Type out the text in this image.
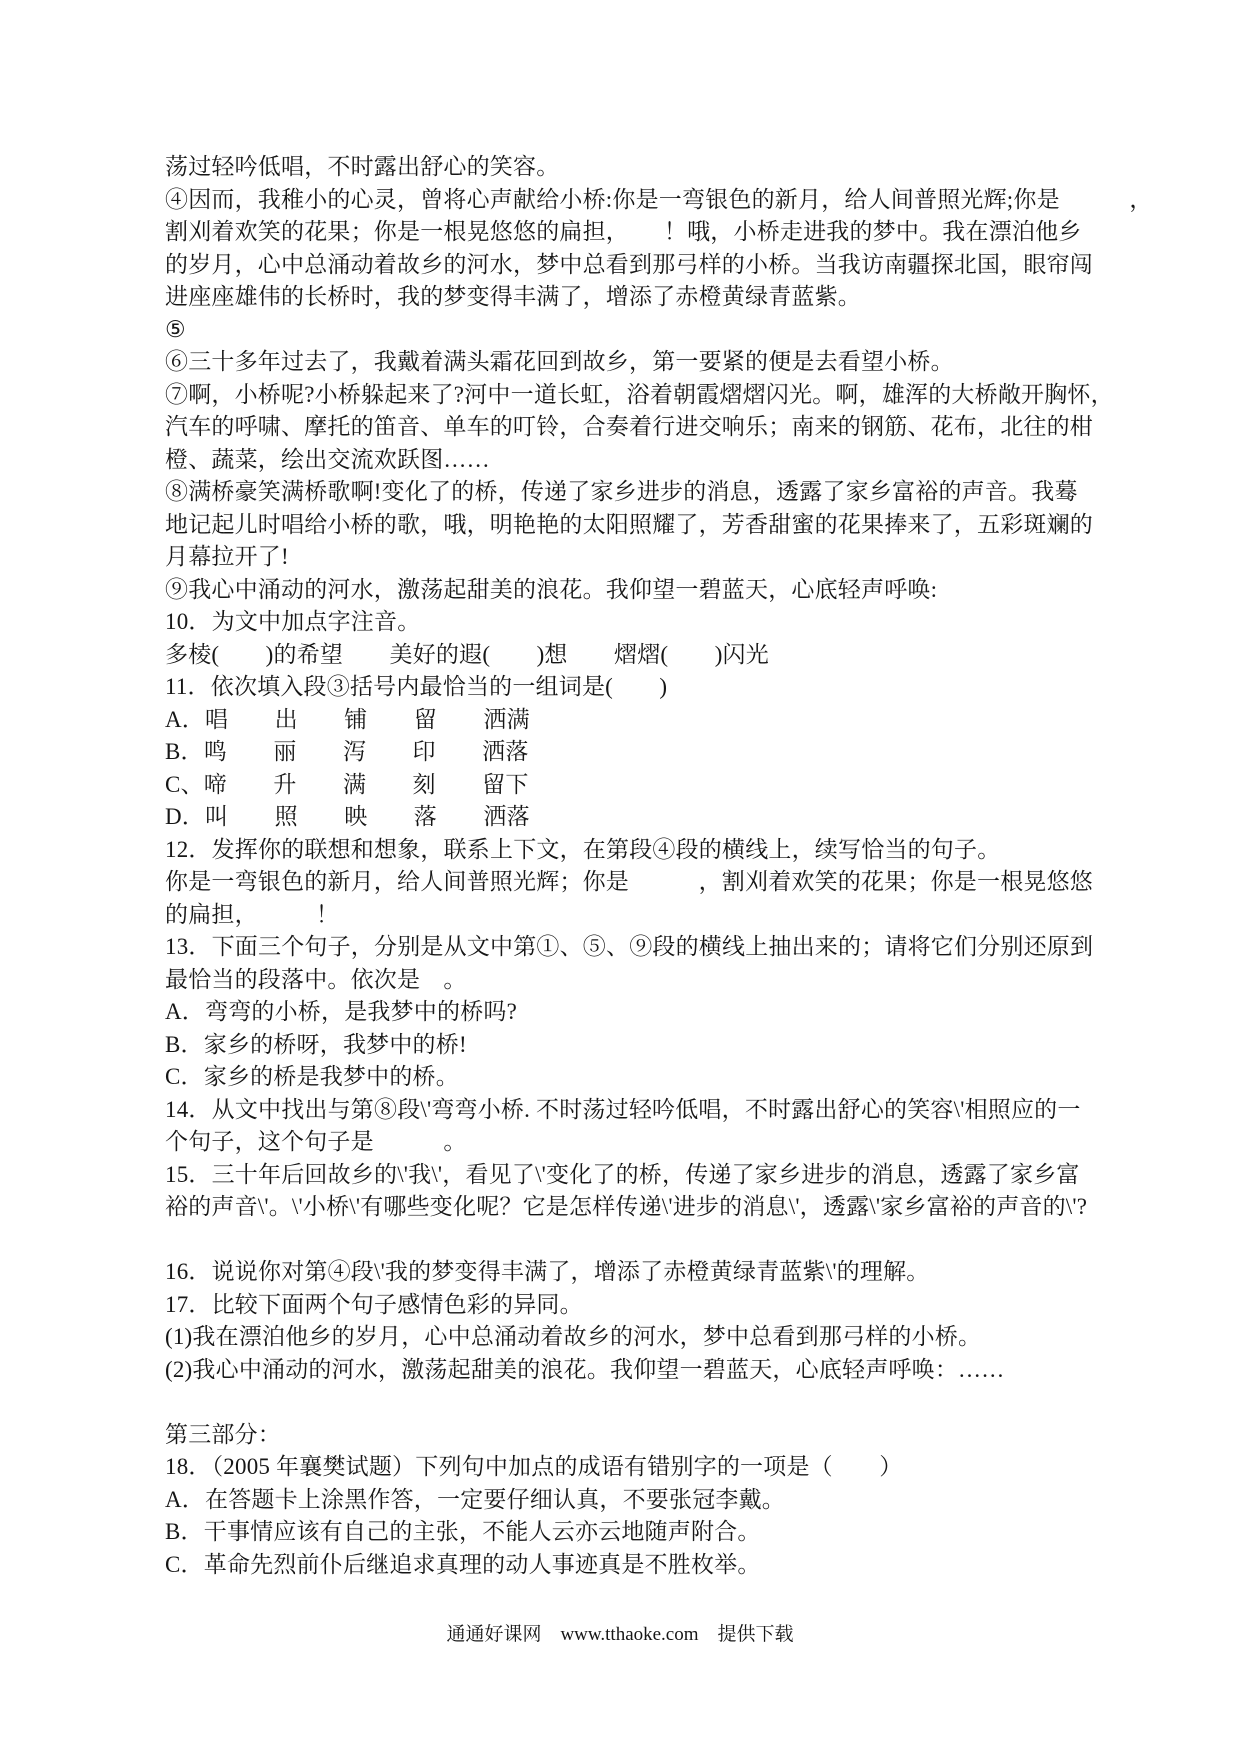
荡过轻吟低唱，不时露出舒心的笑容。

④因而，我稚小的心灵，曾将心声献给小桥:你是一弯银色的新月，给人间普照光辉;你是　　　，

割刈着欢笑的花果；你是一根晃悠悠的扁担，　　！哦，小桥走进我的梦中。我在漂泊他乡

的岁月，心中总涌动着故乡的河水，梦中总看到那弓样的小桥。当我访南疆探北国，眼帘闯

进座座雄伟的长桥时，我的梦变得丰满了，增添了赤橙黄绿青蓝紫。

⑤

⑥三十多年过去了，我戴着满头霜花回到故乡，第一要紧的便是去看望小桥。

⑦啊，小桥呢?小桥躲起来了?河中一道长虹，浴着朝霞熠熠闪光。啊，雄浑的大桥敞开胸怀，

汽车的呼啸、摩托的笛音、单车的叮铃，合奏着行进交响乐；南来的钢筋、花布，北往的柑

橙、蔬菜，绘出交流欢跃图……

⑧满桥豪笑满桥歌啊!变化了的桥，传递了家乡进步的消息，透露了家乡富裕的声音。我蓦

地记起儿时唱给小桥的歌，哦，明艳艳的太阳照耀了，芳香甜蜜的花果捧来了，五彩斑斓的

月幕拉开了!

⑨我心中涌动的河水，激荡起甜美的浪花。我仰望一碧蓝天，心底轻声呼唤:

10．为文中加点字注音。

多棱(　　)的希望　　美好的遐(　　)想　　熠熠(　　)闪光

11．依次填入段③括号内最恰当的一组词是(　　)

A．唱　　出　　铺　　留　　洒满

B．鸣　　丽　　泻　　印　　洒落

C、啼　　升　　满　　刻　　留下

D．叫　　照　　映　　落　　洒落

12．发挥你的联想和想象，联系上下文，在第段④段的横线上，续写恰当的句子。

你是一弯银色的新月，给人间普照光辉；你是　　　，割刈着欢笑的花果；你是一根晃悠悠

的扁担，　　　！

13．下面三个句子，分别是从文中第①、⑤、⑨段的横线上抽出来的；请将它们分别还原到

最恰当的段落中。依次是　。

A．弯弯的小桥，是我梦中的桥吗?

B．家乡的桥呀，我梦中的桥!

C．家乡的桥是我梦中的桥。

14．从文中找出与第⑧段\'弯弯小桥. 不时荡过轻吟低唱，不时露出舒心的笑容\'相照应的一

个句子，这个句子是　　　。

15．三十年后回故乡的\'我\'，看见了\'变化了的桥，传递了家乡进步的消息，透露了家乡富

裕的声音\'。\'小桥\'有哪些变化呢？它是怎样传递\'进步的消息\'，透露\'家乡富裕的声音的\'?

16．说说你对第④段\'我的梦变得丰满了，增添了赤橙黄绿青蓝紫\'的理解。

17．比较下面两个句子感情色彩的异同。

(1)我在漂泊他乡的岁月，心中总涌动着故乡的河水，梦中总看到那弓样的小桥。

(2)我心中涌动的河水，激荡起甜美的浪花。我仰望一碧蓝天，心底轻声呼唤：……

第三部分：

18．（2005 年襄樊试题）下列句中加点的成语有错别字的一项是（　　）

A．在答题卡上涂黑作答，一定要仔细认真，不要张冠李戴。

B．干事情应该有自己的主张，不能人云亦云地随声附合。

C．革命先烈前仆后继追求真理的动人事迹真是不胜枚举。

通通好课网　www.tthaoke.com　提供下载
